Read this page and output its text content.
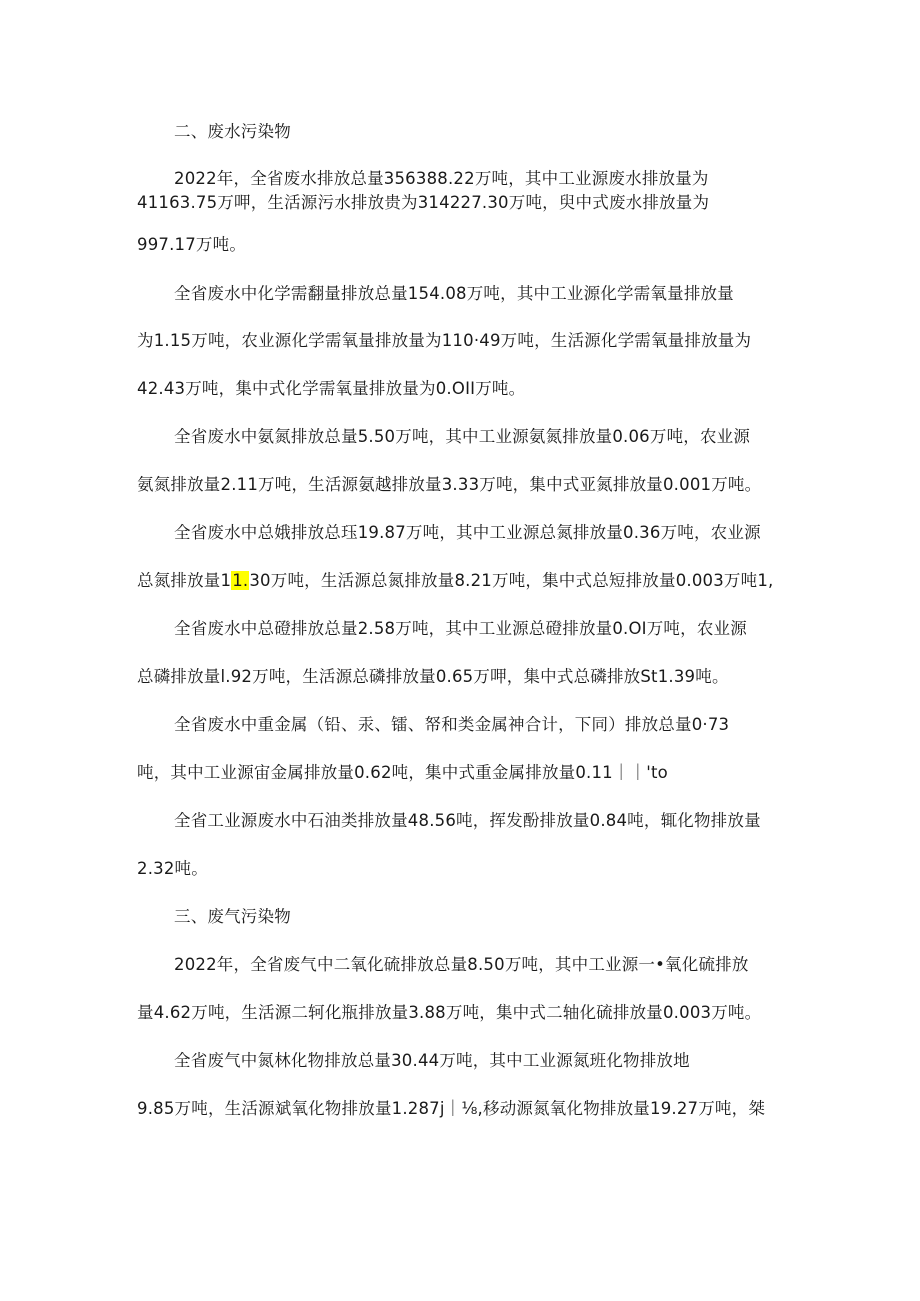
二、废水污染物
2022年，全省废水排放总量356388.22万吨，其中工业源废水排放量为
41163.75万呷，生活源污水排放贵为314227.30万吨，臾中式废水排放量为
997.17万吨。
全省废水中化学需翻量排放总量154.08万吨，其中工业源化学需氧量排放量
为1.15万吨，农业源化学需氧量排放量为110·49万吨，生活源化学需氧量排放量为
42.43万吨，集中式化学需氧量排放量为0.OII万吨。
全省废水中氨氮排放总量5.50万吨，其中工业源氨氮排放量0.06万吨，农业源
氨氮排放量2.11万吨，生活源氨越排放量3.33万吨，集中式亚氮排放量0.001万吨。
全省废水中总娥排放总珏19.87万吨，其中工业源总氮排放量0.36万吨，农业源
总氮排放量11.30万吨，生活源总氮排放量8.21万吨，集中式总短排放量0.003万吨1,
全省废水中总磴排放总量2.58万吨，其中工业源总磴排放量0.OI万吨，农业源
总磷排放量l.92万吨，生活源总磷排放量0.65万呷，集中式总磷排放St1.39吨。
全省废水中重金属（铅、汞、镭、帑和类金属神合计，下同）排放总量0·73
吨，其中工业源宙金属排放量0.62吨，集中式重金属排放量0.11｜｜'to
全省工业源废水中石油类排放量48.56吨，挥发酚排放量0.84吨，辄化物排放量
2.32吨。
三、废气污染物
2022年，全省废气中二氧化硫排放总量8.50万吨，其中工业源一•氧化硫排放
量4.62万吨，生活源二轲化瓶排放量3.88万吨，集中式二轴化硫排放量0.003万吨。
全省废气中氮林化物排放总量30.44万吨，其中工业源氮班化物排放地
9.85万吨，生活源斌氧化物排放量1.287j｜⅛,移动源氮氧化物排放量19.27万吨，桀
